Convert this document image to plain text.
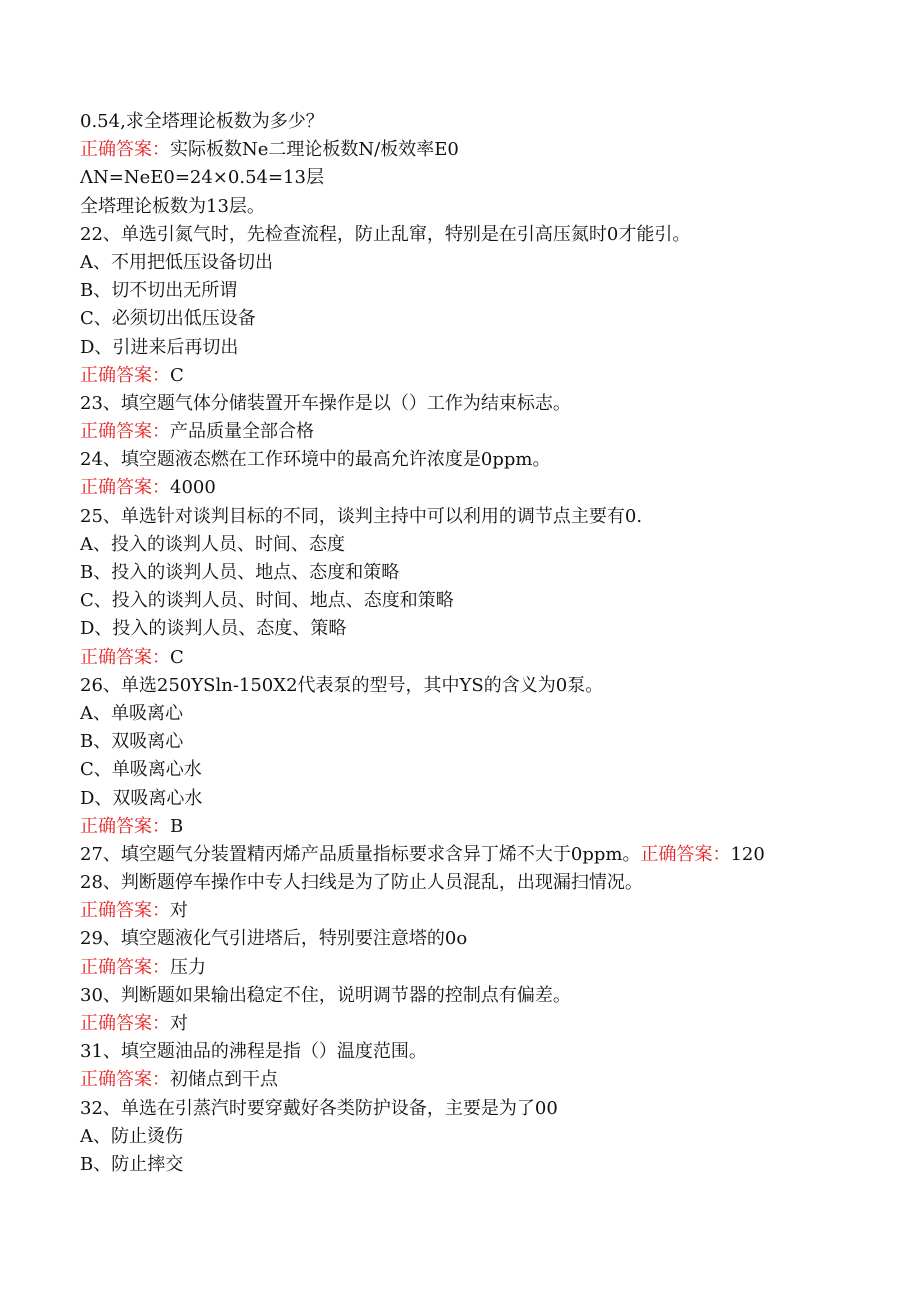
0.54,求全塔理论板数为多少？
正确答案：实际板数Ne二理论板数N/板效率E0
ΛN=NeE0=24×0.54=13层
全塔理论板数为13层。
22、单选引氮气时，先检查流程，防止乱窜，特别是在引高压氮时0才能引。
A、不用把低压设备切出
B、切不切出无所谓
C、必须切出低压设备
D、引进来后再切出
正确答案：C
23、填空题气体分储装置开车操作是以（）工作为结束标志。
正确答案：产品质量全部合格
24、填空题液态燃在工作环境中的最高允许浓度是0ppm。
正确答案：4000
25、单选针对谈判目标的不同，谈判主持中可以利用的调节点主要有0.
A、投入的谈判人员、时间、态度
B、投入的谈判人员、地点、态度和策略
C、投入的谈判人员、时间、地点、态度和策略
D、投入的谈判人员、态度、策略
正确答案：C
26、单选250YSln-150X2代表泵的型号，其中YS的含义为0泵。
A、单吸离心
B、双吸离心
C、单吸离心水
D、双吸离心水
正确答案：B
27、填空题气分装置精丙烯产品质量指标要求含异丁烯不大于0ppm。正确答案：120
28、判断题停车操作中专人扫线是为了防止人员混乱，出现漏扫情况。
正确答案：对
29、填空题液化气引进塔后，特别要注意塔的0o
正确答案：压力
30、判断题如果输出稳定不住，说明调节器的控制点有偏差。
正确答案：对
31、填空题油品的沸程是指（）温度范围。
正确答案：初储点到干点
32、单选在引蒸汽时要穿戴好各类防护设备，主要是为了00
A、防止烫伤
B、防止摔交
